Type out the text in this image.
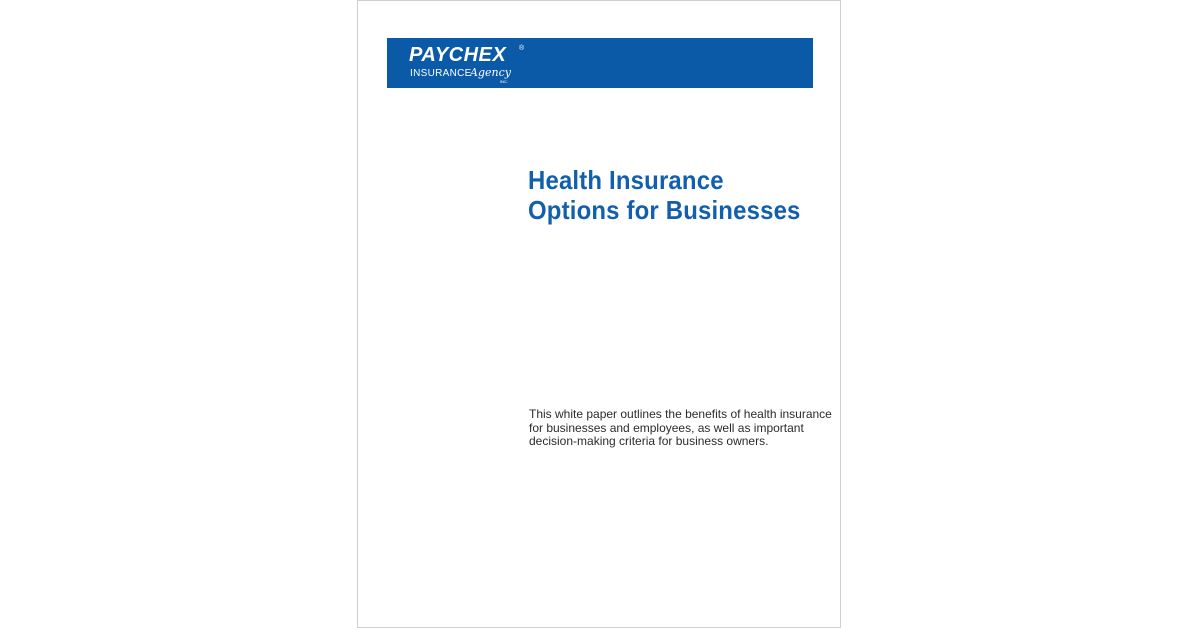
PAYCHEX ®
INSURANCE
Agency
INC.
Health Insurance
Options for Businesses

This white paper outlines the benefits of health insurance
for businesses and employees, as well as important
decision-making criteria for business owners.
